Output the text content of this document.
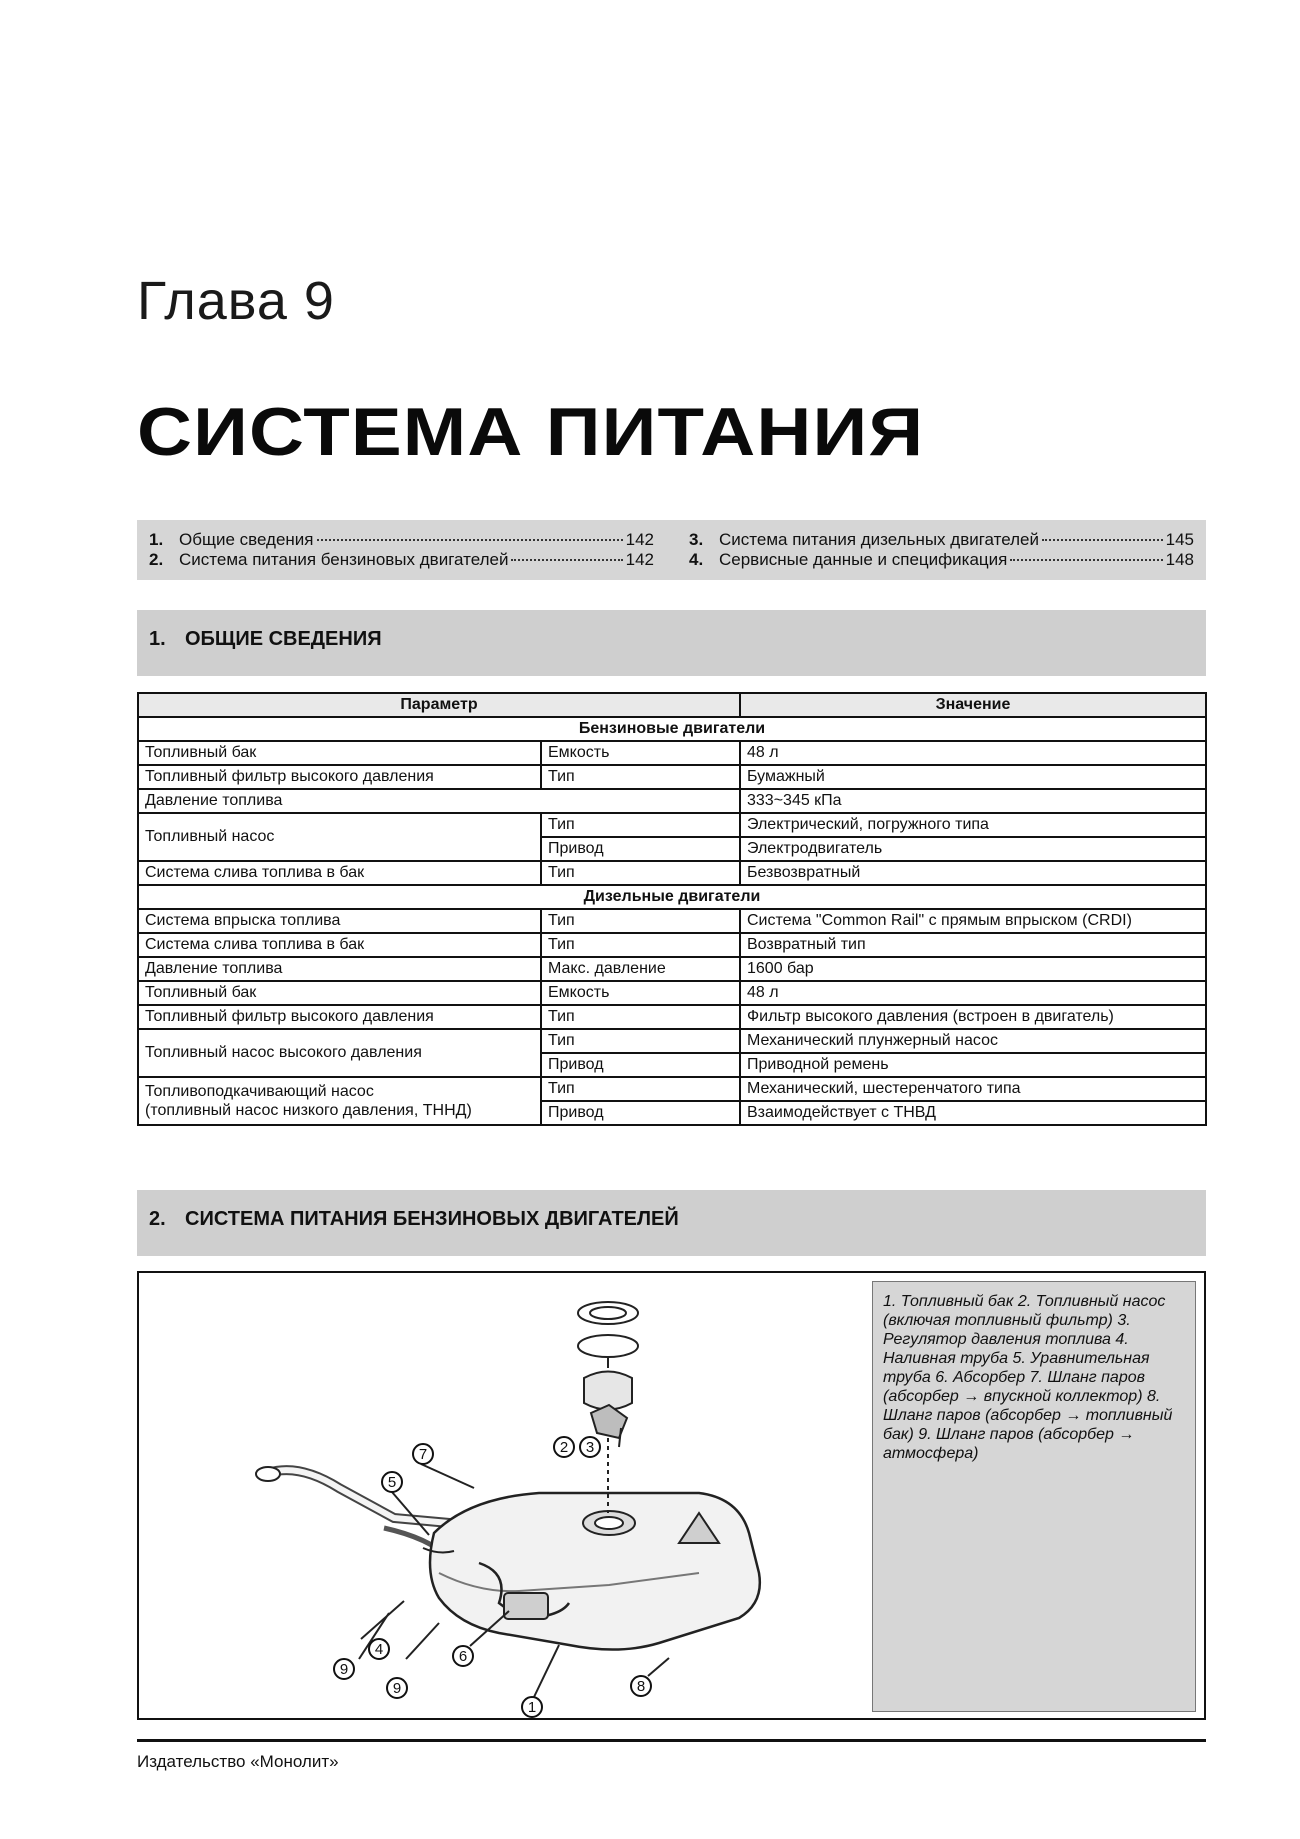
Глава 9
СИСТЕМА ПИТАНИЯ
1. Общие сведения	142
2. Система питания бензиновых двигателей	142
3. Система питания дизельных двигателей	145
4. Сервисные данные и спецификация	148
1. ОБЩИЕ СВЕДЕНИЯ
Параметр		Значение
Бензиновые двигатели		
Топливный бак	Емкость	48 л
Топливный фильтр высокого давления	Тип	Бумажный
Давление топлива		333~345 кПа
Топливный насос	Тип	Электрический, погружного типа
	Привод	Электродвигатель
Система слива топлива в бак	Тип	Безвозвратный
Дизельные двигатели		
Система впрыска топлива	Тип	Система "Common Rail" с прямым впрыском (CRDI)
Система слива топлива в бак	Тип	Возвратный тип
Давление топлива	Макс. давление	1600 бар
Топливный бак	Емкость	48 л
Топливный фильтр высокого давления	Тип	Фильтр высокого давления (встроен в двигатель)
Топливный насос высокого давления	Тип	Механический плунжерный насос
	Привод	Приводной ремень

Топливоподкачивающий насос
(топливный насос низкого давления, ТННД)	Тип	Механический, шестеренчатого типа
	Привод	Взаимодействует с ТНВД
2. СИСТЕМА ПИТАНИЯ БЕНЗИНОВЫХ ДВИГАТЕЛЕЙ
1
2 3
4
5
6
7
8
9
9
1. Топливный бак 2. Топливный насос (включая топливный фильтр) 3. Регулятор давления топлива 4. Наливная труба 5. Уравнительная труба 6. Абсорбер 7. Шланг паров (абсорбер → впускной коллектор) 8. Шланг паров (абсорбер → топливный бак) 9. Шланг паров (абсорбер → атмосфера)
Издательство «Монолит»
